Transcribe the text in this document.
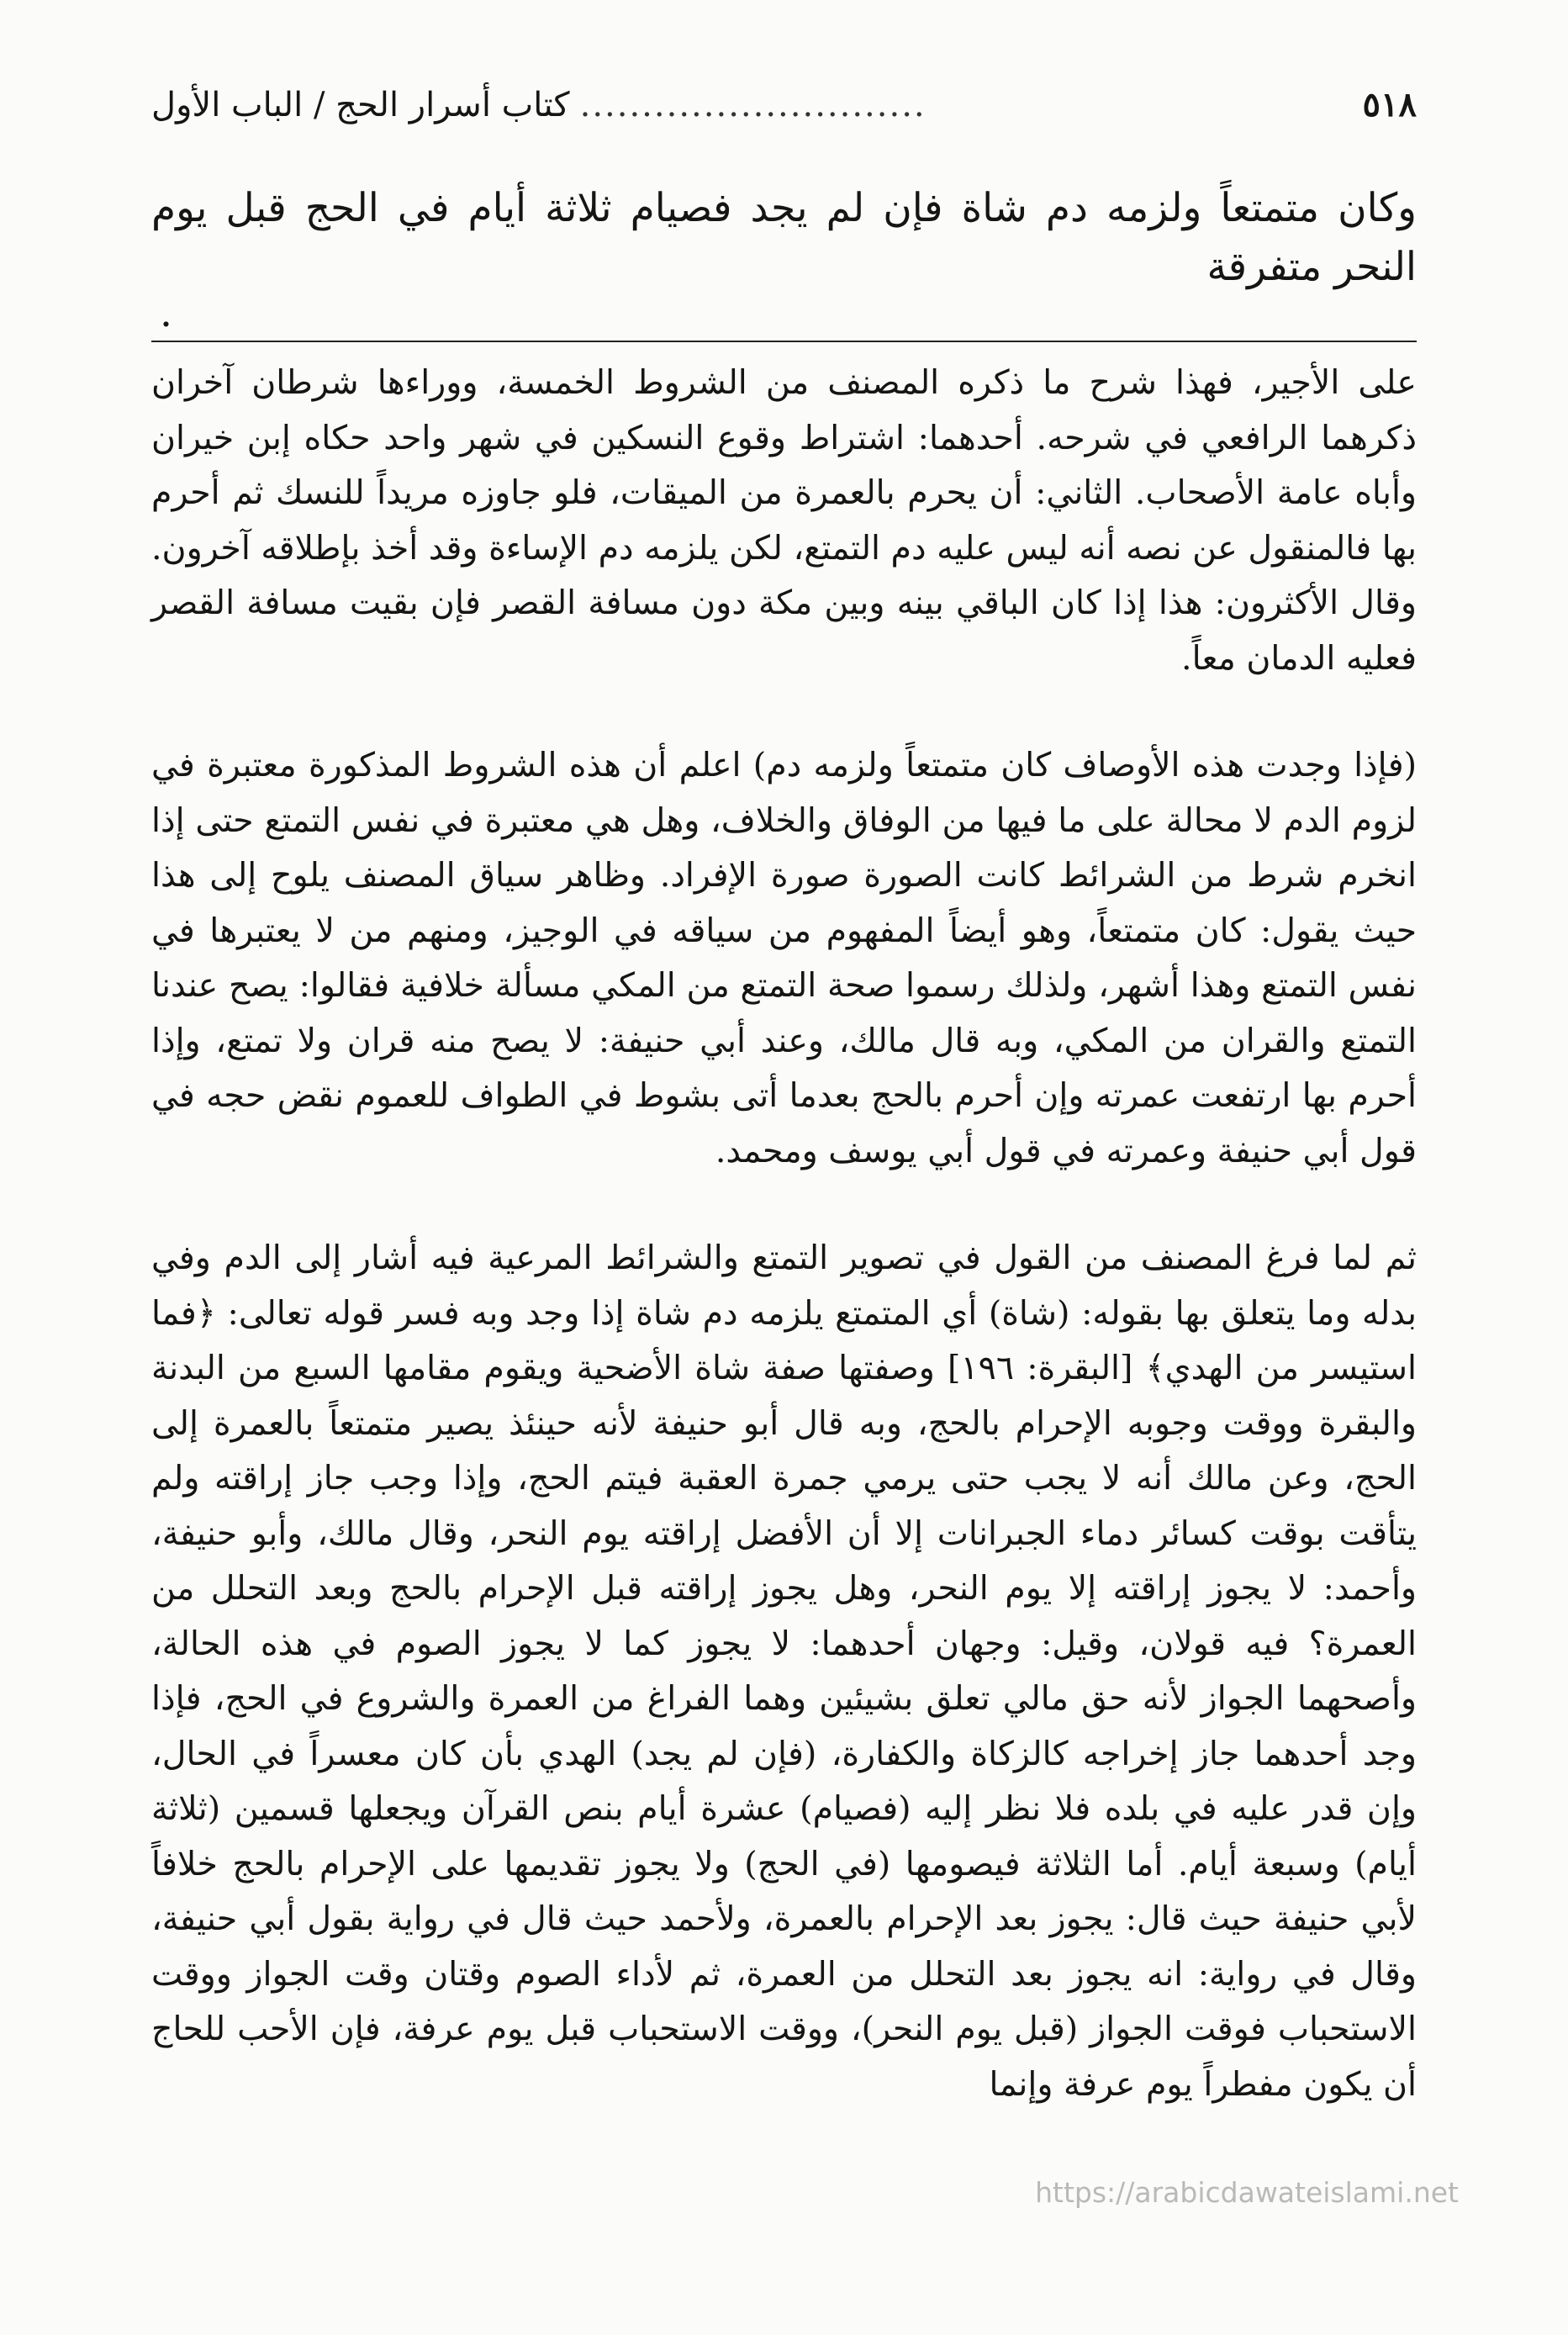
٥١٨
............................
كتاب أسرار الحج / الباب الأول
وكان متمتعاً ولزمه دم شاة فإن لم يجد فصيام ثلاثة أيام في الحج قبل يوم النحر متفرقة
.

على الأجير، فهذا شرح ما ذكره المصنف من الشروط الخمسة، ووراءها شرطان آخران ذكرهما الرافعي في شرحه. أحدهما: اشتراط وقوع النسكين في شهر واحد حكاه إبن خيران وأباه عامة الأصحاب. الثاني: أن يحرم بالعمرة من الميقات، فلو جاوزه مريداً للنسك ثم أحرم بها فالمنقول عن نصه أنه ليس عليه دم التمتع، لكن يلزمه دم الإساءة وقد أخذ بإطلاقه آخرون. وقال الأكثرون: هذا إذا كان الباقي بينه وبين مكة دون مسافة القصر فإن بقيت مسافة القصر فعليه الدمان معاً.

(فإذا وجدت هذه الأوصاف كان متمتعاً ولزمه دم) اعلم أن هذه الشروط المذكورة معتبرة في لزوم الدم لا محالة على ما فيها من الوفاق والخلاف، وهل هي معتبرة في نفس التمتع حتى إذا انخرم شرط من الشرائط كانت الصورة صورة الإفراد. وظاهر سياق المصنف يلوح إلى هذا حيث يقول: كان متمتعاً، وهو أيضاً المفهوم من سياقه في الوجيز، ومنهم من لا يعتبرها في نفس التمتع وهذا أشهر، ولذلك رسموا صحة التمتع من المكي مسألة خلافية فقالوا: يصح عندنا التمتع والقران من المكي، وبه قال مالك، وعند أبي حنيفة: لا يصح منه قران ولا تمتع، وإذا أحرم بها ارتفعت عمرته وإن أحرم بالحج بعدما أتى بشوط في الطواف للعموم نقض حجه في قول أبي حنيفة وعمرته في قول أبي يوسف ومحمد.

ثم لما فرغ المصنف من القول في تصوير التمتع والشرائط المرعية فيه أشار إلى الدم وفي بدله وما يتعلق بها بقوله: (شاة) أي المتمتع يلزمه دم شاة إذا وجد وبه فسر قوله تعالى: ﴿فما استيسر من الهدي﴾ [البقرة: ١٩٦] وصفتها صفة شاة الأضحية ويقوم مقامها السبع من البدنة والبقرة ووقت وجوبه الإحرام بالحج، وبه قال أبو حنيفة لأنه حينئذ يصير متمتعاً بالعمرة إلى الحج، وعن مالك أنه لا يجب حتى يرمي جمرة العقبة فيتم الحج، وإذا وجب جاز إراقته ولم يتأقت بوقت كسائر دماء الجبرانات إلا أن الأفضل إراقته يوم النحر، وقال مالك، وأبو حنيفة، وأحمد: لا يجوز إراقته إلا يوم النحر، وهل يجوز إراقته قبل الإحرام بالحج وبعد التحلل من العمرة؟ فيه قولان، وقيل: وجهان أحدهما: لا يجوز كما لا يجوز الصوم في هذه الحالة، وأصحهما الجواز لأنه حق مالي تعلق بشيئين وهما الفراغ من العمرة والشروع في الحج، فإذا وجد أحدهما جاز إخراجه كالزكاة والكفارة، (فإن لم يجد) الهدي بأن كان معسراً في الحال، وإن قدر عليه في بلده فلا نظر إليه (فصيام) عشرة أيام بنص القرآن ويجعلها قسمين (ثلاثة أيام) وسبعة أيام. أما الثلاثة فيصومها (في الحج) ولا يجوز تقديمها على الإحرام بالحج خلافاً لأبي حنيفة حيث قال: يجوز بعد الإحرام بالعمرة، ولأحمد حيث قال في رواية بقول أبي حنيفة، وقال في رواية: انه يجوز بعد التحلل من العمرة، ثم لأداء الصوم وقتان وقت الجواز ووقت الاستحباب فوقت الجواز (قبل يوم النحر)، ووقت الاستحباب قبل يوم عرفة، فإن الأحب للحاج أن يكون مفطراً يوم عرفة وإنما

https://arabicdawateislami.net
